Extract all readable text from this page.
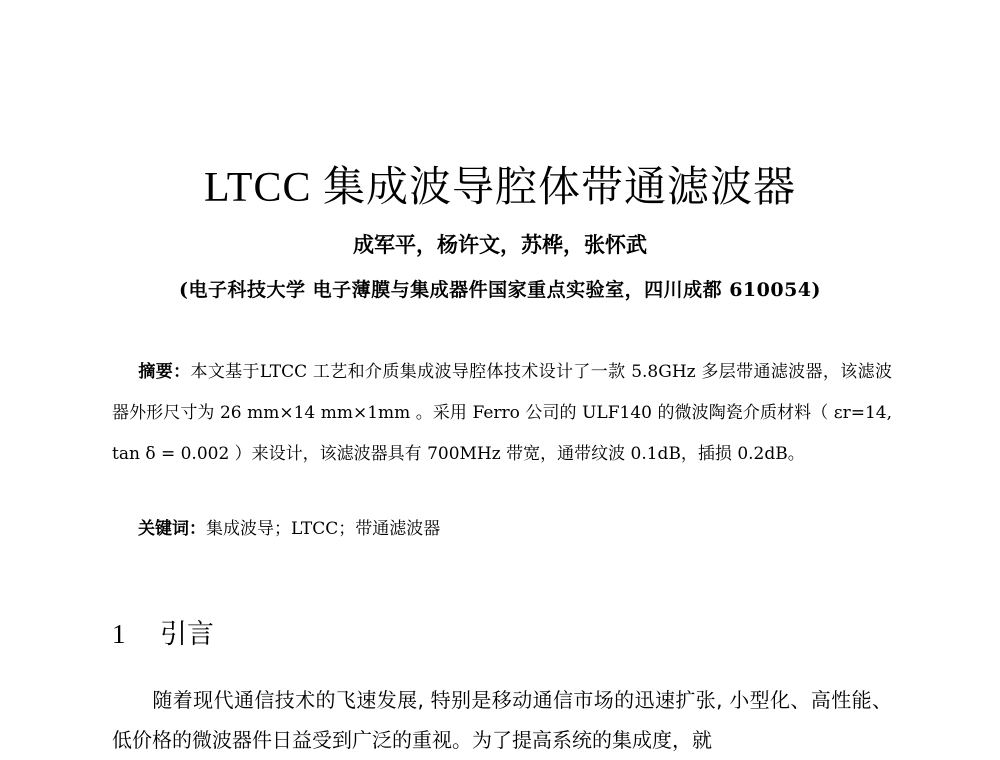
LTCC 集成波导腔体带通滤波器
成军平，杨许文，苏桦，张怀武
(电子科技大学 电子薄膜与集成器件国家重点实验室，四川成都 610054)
摘要：本文基于LTCC 工艺和介质集成波导腔体技术设计了一款 5.8GHz 多层带通滤波器，该滤波器外形尺寸为 26 mm×14 mm×1mm 。采用 Ferro 公司的 ULF140 的微波陶瓷介质材料（ εr=14, tan δ = 0.002 ）来设计，该滤波器具有 700MHz 带宽，通带纹波 0.1dB，插损 0.2dB。
关键词：集成波导；LTCC；带通滤波器
1 引言
随着现代通信技术的飞速发展, 特别是移动通信市场的迅速扩张, 小型化、高性能、低价格的微波器件日益受到广泛的重视。为了提高系统的集成度，就
